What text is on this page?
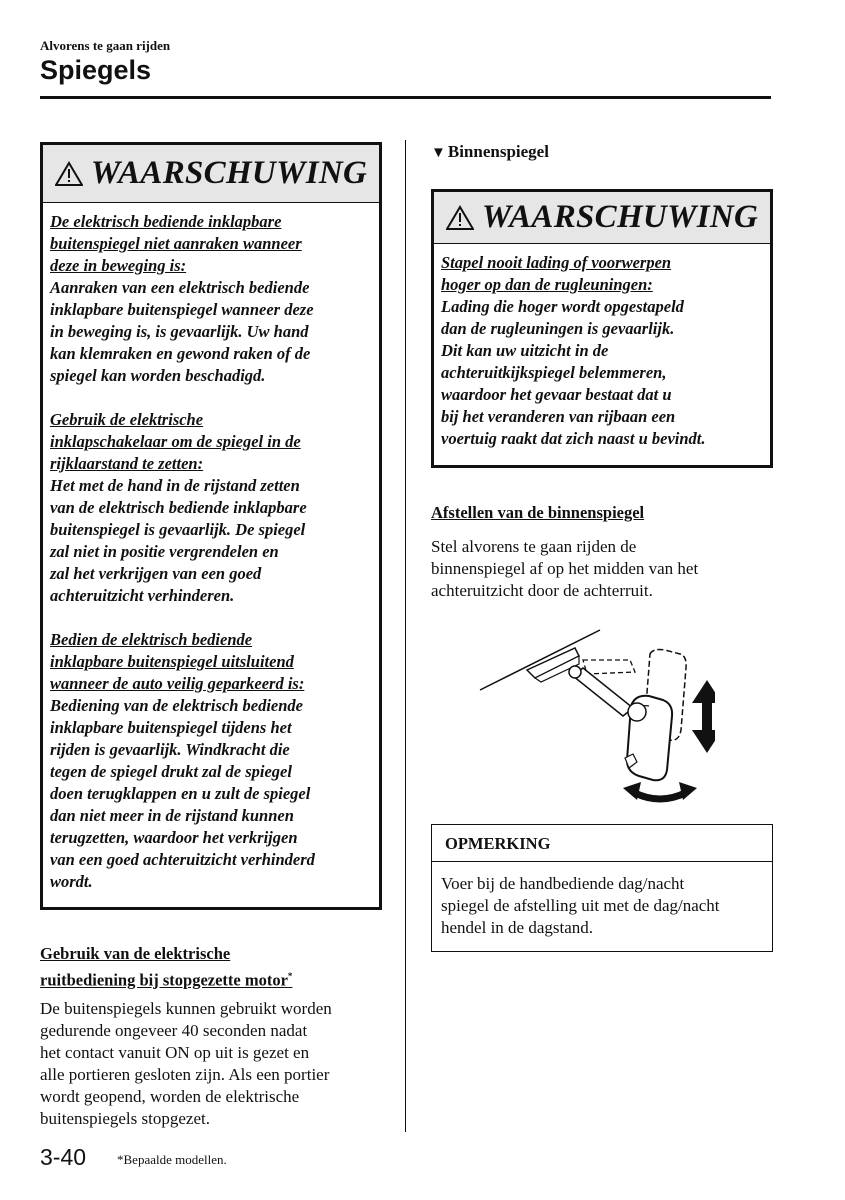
Alvorens te gaan rijden
Spiegels
WAARSCHUWING

De elektrisch bediende inklapbare
buitenspiegel niet aanraken wanneer
deze in beweging is:
Aanraken van een elektrisch bediende
inklapbare buitenspiegel wanneer deze
in beweging is, is gevaarlijk. Uw hand
kan klemraken en gewond raken of de
spiegel kan worden beschadigd.

Gebruik de elektrische
inklapschakelaar om de spiegel in de
rijklaarstand te zetten:
Het met de hand in de rijstand zetten
van de elektrisch bediende inklapbare
buitenspiegel is gevaarlijk. De spiegel
zal niet in positie vergrendelen en
zal het verkrijgen van een goed
achteruitzicht verhinderen.

Bedien de elektrisch bediende
inklapbare buitenspiegel uitsluitend
wanneer de auto veilig geparkeerd is:
Bediening van de elektrisch bediende
inklapbare buitenspiegel tijdens het
rijden is gevaarlijk. Windkracht die
tegen de spiegel drukt zal de spiegel
doen terugklappen en u zult de spiegel
dan niet meer in de rijstand kunnen
terugzetten, waardoor het verkrijgen
van een goed achteruitzicht verhinderd
wordt.

Gebruik van de elektrische
ruitbediening bij stopgezette motor*
De buitenspiegels kunnen gebruikt worden
gedurende ongeveer 40 seconden nadat
het contact vanuit ON op uit is gezet en
alle portieren gesloten zijn. Als een portier
wordt geopend, worden de elektrische
buitenspiegels stopgezet.
▼ Binnenspiegel
WAARSCHUWING

Stapel nooit lading of voorwerpen
hoger op dan de rugleuningen:
Lading die hoger wordt opgestapeld
dan de rugleuningen is gevaarlijk.
Dit kan uw uitzicht in de
achteruitkijkspiegel belemmeren,
waardoor het gevaar bestaat dat u
bij het veranderen van rijbaan een
voertuig raakt dat zich naast u bevindt.

Afstellen van de binnenspiegel
Stel alvorens te gaan rijden de
binnenspiegel af op het midden van het
achteruitzicht door de achterruit.
OPMERKING
Voer bij de handbediende dag/nacht
spiegel de afstelling uit met de dag/nacht
hendel in de dagstand.
3-40 *Bepaalde modellen.
